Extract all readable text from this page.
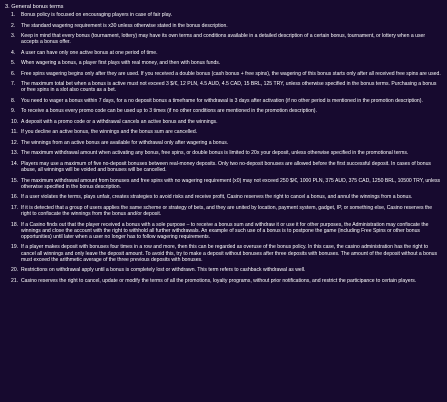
3. General bonus terms
1. Bonus policy is focused on encouraging players in case of fair play.
2. The standard wagering requirement is x30 unless otherwise stated in the bonus description.
3. Keep in mind that every bonus (tournament, lottery) may have its own terms and conditions available in a detailed description of a certain bonus, tournament, or lottery when a user accepts a bonus offer.
4. A user can have only one active bonus at one period of time.
5. When wagering a bonus, a player first plays with real money, and then with bonus funds.
6. Free spins wagering begins only after they are used. If you received a double bonus (cash bonus + free spins), the wagering of this bonus starts only after all received free spins are used.
7. The maximum total bet when a bonus is active must not exceed 3 $/€, 12 PLN, 4.5 AUD, 4.5 CAD, 15 BRL, 125 TRY, unless otherwise specified in the bonus terms. Purchasing a bonus or free spins in a slot also counts as a bet.
8. You need to wager a bonus within 7 days, for a no deposit bonus a timeframe for withdrawal is 3 days after activation (if no other period is mentioned in the promotion description).
9. To receive a bonus every promo code can be used up to 3 times (if no other conditions are mentioned in the promotion description).
10. A deposit with a promo code or a withdrawal cancels an active bonus and the winnings.
11. If you decline an active bonus, the winnings and the bonus sum are cancelled.
12. The winnings from an active bonus are available for withdrawal only after wagering a bonus.
13. The maximum withdrawal amount when activating any bonus, free spins, or double bonus is limited to 20x your deposit, unless otherwise specified in the promotional terms.
14. Players may use a maximum of five no-deposit bonuses between real-money deposits. Only two no-deposit bonuses are allowed before the first successful deposit. In cases of bonus abuse, all winnings will be voided and bonuses will be cancelled.
15. The maximum withdrawal amount from bonuses and free spins with no wagering requirement (x0) may not exceed 250 $/€, 1000 PLN, 375 AUD, 375 CAD, 1250 BRL, 10500 TRY, unless otherwise specified in the bonus description.
16. If a user violates the terms, plays unfair, creates strategies to avoid risks and receive profit, Casino reserves the right to cancel a bonus, and annul the winnings from a bonus.
17. If it is detected that a group of users applies the same scheme or strategy of bets, and they are united by location, payment system, gadget, IP, or something else, Casino reserves the right to confiscate the winnings from the bonus and/or deposit.
18. If a Casino finds out that the player received a bonus with a sole purpose – to receive a bonus sum and withdraw it or use it for other purposes, the Administration may confiscate the winnings and close the account with the right to withhold all further withdrawals. An example of such use of a bonus is to postpone the game (including Free Spins or other bonus opportunities) until later when a user no longer has to follow wagering requirements.
19. If a player makes deposit with bonuses four times in a row and more, then this can be regarded as overuse of the bonus policy. In this case, the casino administration has the right to cancel all winnings and only leave the deposit amount. To avoid this, try to make a deposit without bonuses after three deposits with bonuses. The amount of the deposit without a bonus must exceed the arithmetic average of the three previous deposits with bonuses.
20. Restrictions on withdrawal apply until a bonus is completely lost or withdrawn. This term refers to cashback withdrawal as well.
21. Casino reserves the right to cancel, update or modify the terms of all the promotions, loyalty programs, without prior notifications, and restrict the participance to certain players.
